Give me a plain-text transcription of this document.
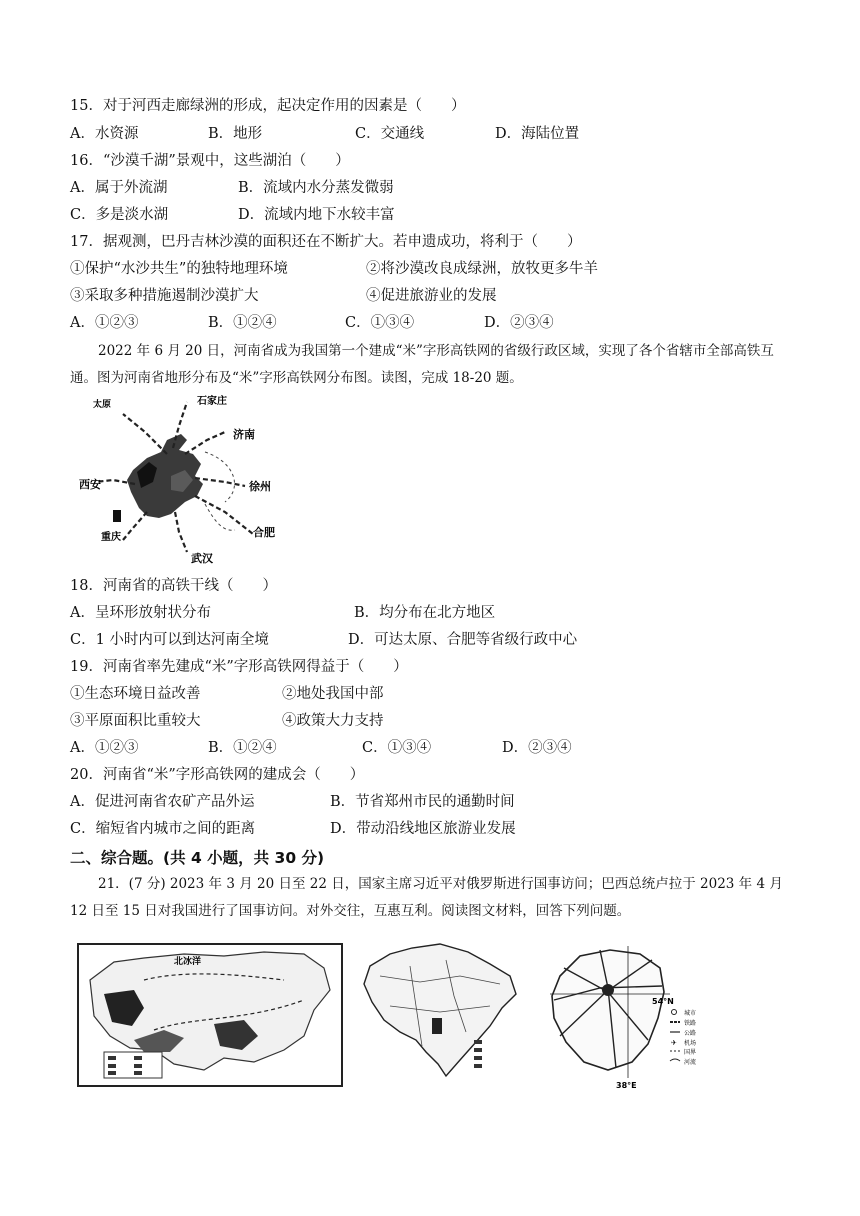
15．对于河西走廊绿洲的形成，起决定作用的因素是（　　）
A．水资源	B．地形	C．交通线	D．海陆位置
16．“沙漠千湖”景观中，这些湖泊（　　）
A．属于外流湖	B．流域内水分蒸发微弱
C．多是淡水湖	D．流域内地下水较丰富
17．据观测，巴丹吉林沙漠的面积还在不断扩大。若申遗成功，将利于（　　）
①保护“水沙共生”的独特地理环境	②将沙漠改良成绿洲，放牧更多牛羊
③采取多种措施遏制沙漠扩大	④促进旅游业的发展
A．①②③	B．①②④	C．①③④	D．②③④
2022 年 6 月 20 日，河南省成为我国第一个建成“米”字形高铁网的省级行政区域，实现了各个省辖市全部高铁互通。图为河南省地形分布及“米”字形高铁网分布图。读图，完成 18-20 题。
太原	石家庄
济南
西安	徐州
重庆
武汉
合肥
18．河南省的高铁干线（　　）
A．呈环形放射状分布	B．均分布在北方地区
C．1 小时内可以到达河南全境	D．可达太原、合肥等省级行政中心
19．河南省率先建成“米”字形高铁网得益于（　　）
①生态环境日益改善	②地处我国中部
③平原面积比重较大	④政策大力支持
A．①②③	B．①②④	C．①③④	D．②③④
20．河南省“米”字形高铁网的建成会（　　）
A．促进河南省农矿产品外运	B．节省郑州市民的通勤时间
C．缩短省内城市之间的距离	D．带动沿线地区旅游业发展
二、综合题。(共 4 小题，共 30 分)
21．(7 分) 2023 年 3 月 20 日至 22 日，国家主席习近平对俄罗斯进行国事访问；巴西总统卢拉于 2023 年 4 月 12 日至 15 日对我国进行了国事访问。对外交往，互惠互利。阅读图文材料，回答下列问题。
北冰洋
54°N
38°E
✈
城市
铁路
公路
机场
国界
河流
